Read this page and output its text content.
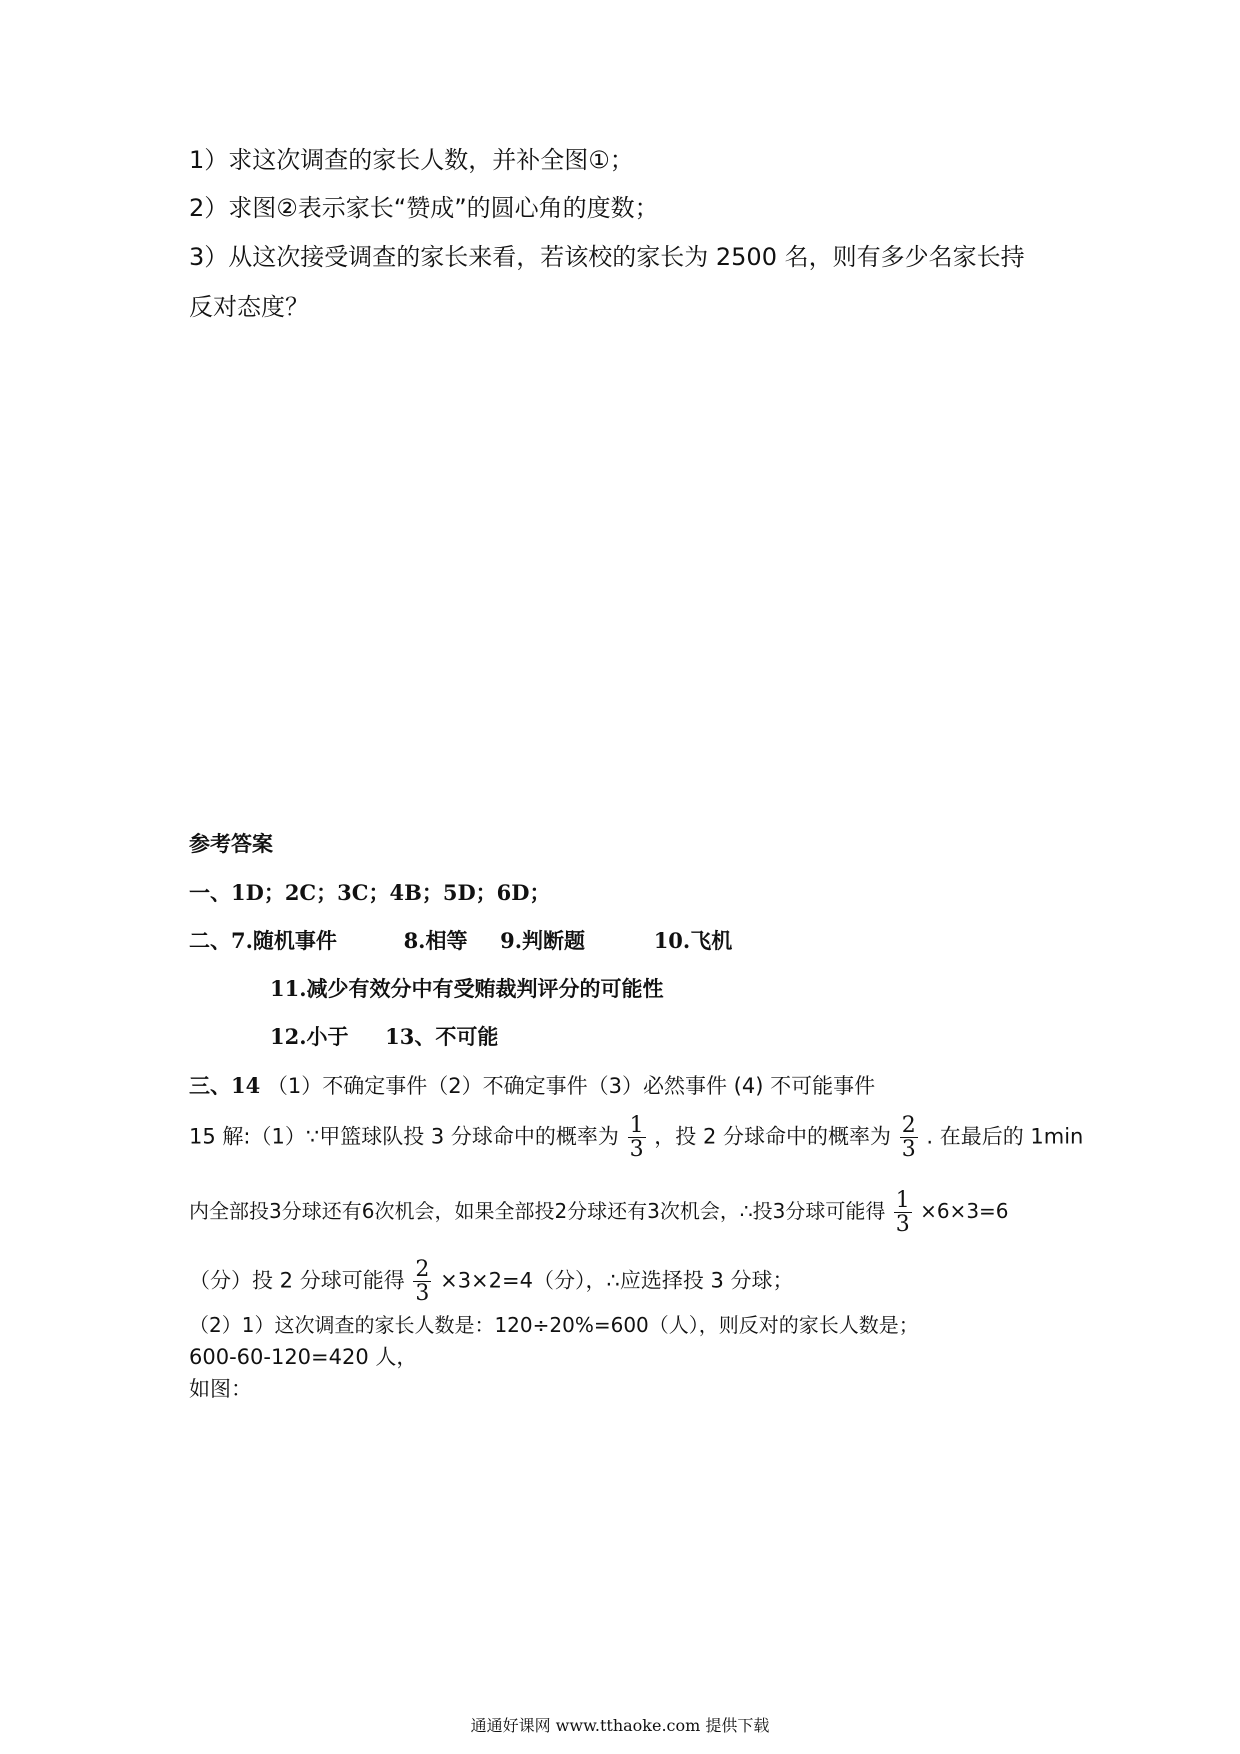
1）求这次调查的家长人数，并补全图①；
2）求图②表示家长“赞成”的圆心角的度数；
3）从这次接受调查的家长来看，若该校的家长为 2500 名，则有多少名家长持
反对态度？
参考答案
一、1D；2C；3C；4B；5D；6D；
二、7.随机事件	8.相等 9.判断题	10.飞机
11.减少有效分中有受贿裁判评分的可能性
12.小于 13、不可能
三、14 （1）不确定事件（2）不确定事件（3）必然事件 (4) 不可能事件
15 解:（1）∵甲篮球队投 3 分球命中的概率为 $\frac{1}{3}$ ，投 2 分球命中的概率为 $\frac{2}{3}$ . 在最后的 1min
内全部投3分球还有6次机会，如果全部投2分球还有3次机会，∴投3分球可能得 $\frac{1}{3} \times 6\times 3=6$
（分）投 2 分球可能得 $\frac{2}{3} \times 3\times 2=4$（分），∴应选择投 3 分球；
（2）1）这次调查的家长人数是：120÷20%=600（人），则反对的家长人数是；
600-60-120=420 人，
如图：
通通好课网 www.tthaoke.com 提供下载
